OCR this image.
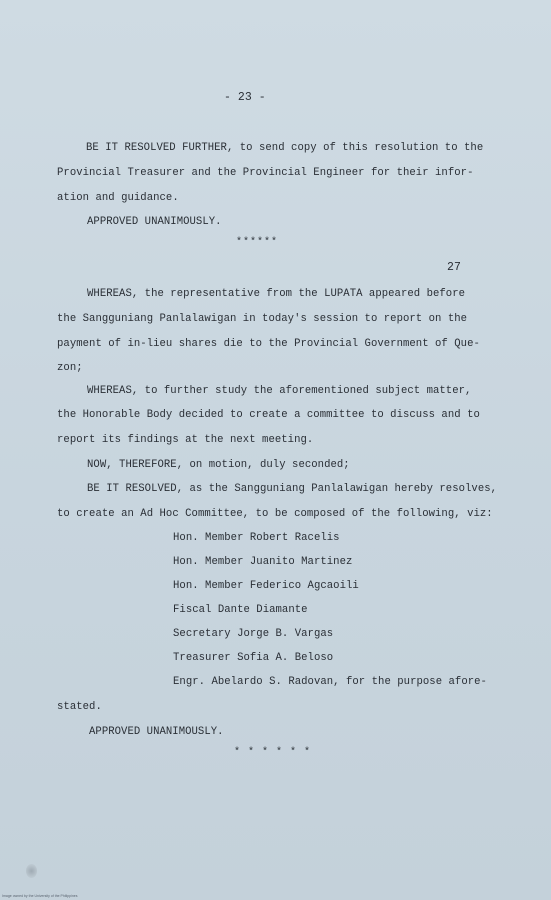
- 23 -
BE IT RESOLVED FURTHER, to send copy of this resolution to the
Provincial Treasurer and the Provincial Engineer for their infor-
ation and guidance.
APPROVED UNANIMOUSLY.
******
27
WHEREAS, the representative from the LUPATA appeared before
the Sangguniang Panlalawigan in today's session to report on the
payment of in-lieu shares die to the Provincial Government of Que-
zon;
WHEREAS, to further study the aforementioned subject matter,
the Honorable Body decided to create a committee to discuss and to
report its findings at the next meeting.
NOW, THEREFORE, on motion, duly seconded;
BE IT RESOLVED, as the Sangguniang Panlalawigan hereby resolves,
to create an Ad Hoc Committee, to be composed of the following, viz:
Hon. Member Robert Racelis
Hon. Member Juanito Martinez
Hon. Member Federico Agcaoili
Fiscal Dante Diamante
Secretary Jorge B. Vargas
Treasurer Sofia A. Beloso
Engr. Abelardo S. Radovan, for the purpose afore-
stated.
APPROVED UNANIMOUSLY.
* * * * * *
Image owned by the University of the Philippines
